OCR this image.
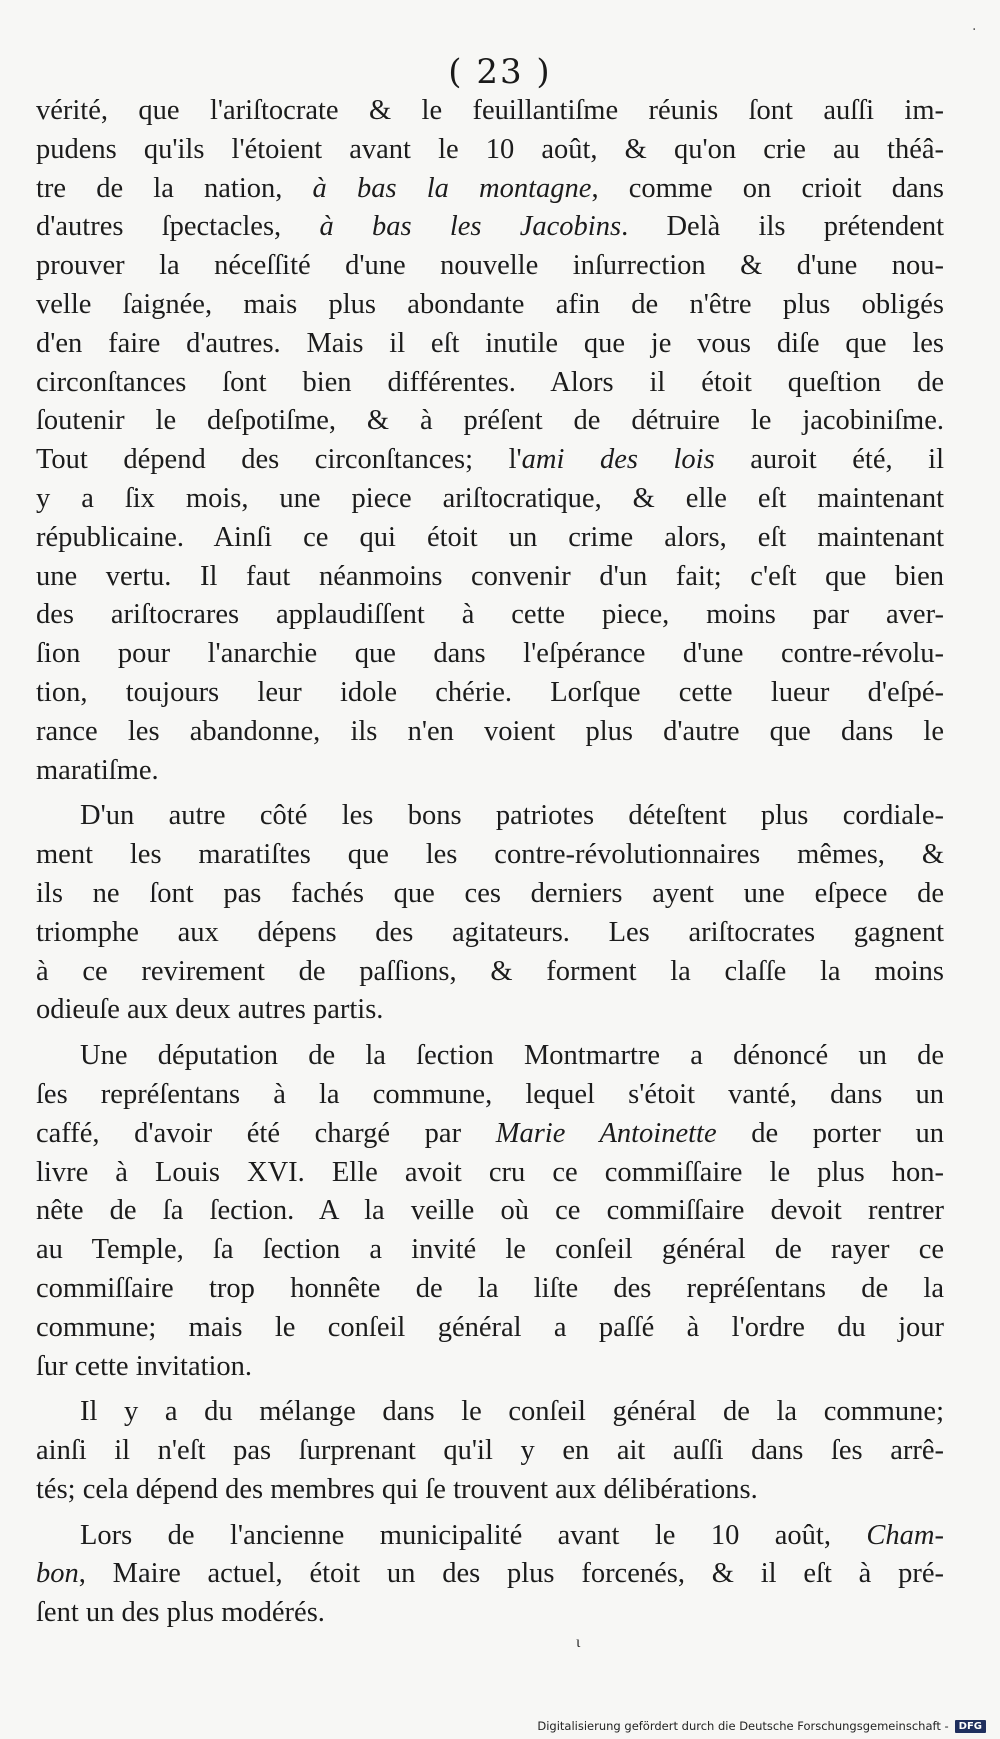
·
( 23 )
vérité, que l'ariſtocrate & le feuillantiſme réunis ſont auſſi im-
pudens qu'ils l'étoient avant le 10 août, & qu'on crie au théâ-
tre de la nation, à bas la montagne, comme on crioit dans
d'autres ſpectacles, à bas les Jacobins. Delà ils prétendent
prouver la néceſſité d'une nouvelle inſurrection & d'une nou-
velle ſaignée, mais plus abondante afin de n'être plus obligés
d'en faire d'autres. Mais il eſt inutile que je vous diſe que les
circonſtances ſont bien différentes. Alors il étoit queſtion de
ſoutenir le deſpotiſme, & à préſent de détruire le jacobiniſme.
Tout dépend des circonſtances; l'ami des lois auroit été, il
y a ſix mois, une piece ariſtocratique, & elle eſt maintenant
républicaine. Ainſi ce qui étoit un crime alors, eſt maintenant
une vertu. Il faut néanmoins convenir d'un fait; c'eſt que bien
des ariſtocrares applaudiſſent à cette piece, moins par aver-
ſion pour l'anarchie que dans l'eſpérance d'une contre-révolu-
tion, toujours leur idole chérie. Lorſque cette lueur d'eſpé-
rance les abandonne, ils n'en voient plus d'autre que dans le
maratiſme.
D'un autre côté les bons patriotes déteſtent plus cordiale-
ment les maratiſtes que les contre-révolutionnaires mêmes, &
ils ne ſont pas fachés que ces derniers ayent une eſpece de
triomphe aux dépens des agitateurs. Les ariſtocrates gagnent
à ce revirement de paſſions, & forment la claſſe la moins
odieuſe aux deux autres partis.
Une députation de la ſection Montmartre a dénoncé un de
ſes repréſentans à la commune, lequel s'étoit vanté, dans un
caffé, d'avoir été chargé par Marie Antoinette de porter un
livre à Louis XVI. Elle avoit cru ce commiſſaire le plus hon-
nête de ſa ſection. A la veille où ce commiſſaire devoit rentrer
au Temple, ſa ſection a invité le conſeil général de rayer ce
commiſſaire trop honnête de la liſte des repréſentans de la
commune; mais le conſeil général a paſſé à l'ordre du jour
ſur cette invitation.
Il y a du mélange dans le conſeil général de la commune;
ainſi il n'eſt pas ſurprenant qu'il y en ait auſſi dans ſes arrê-
tés; cela dépend des membres qui ſe trouvent aux délibérations.
Lors de l'ancienne municipalité avant le 10 août, Cham-
bon, Maire actuel, étoit un des plus forcenés, & il eſt à pré-
ſent un des plus modérés.
ι
Digitalisierung gefördert durch die Deutsche Forschungsgemeinschaft -	DFG
